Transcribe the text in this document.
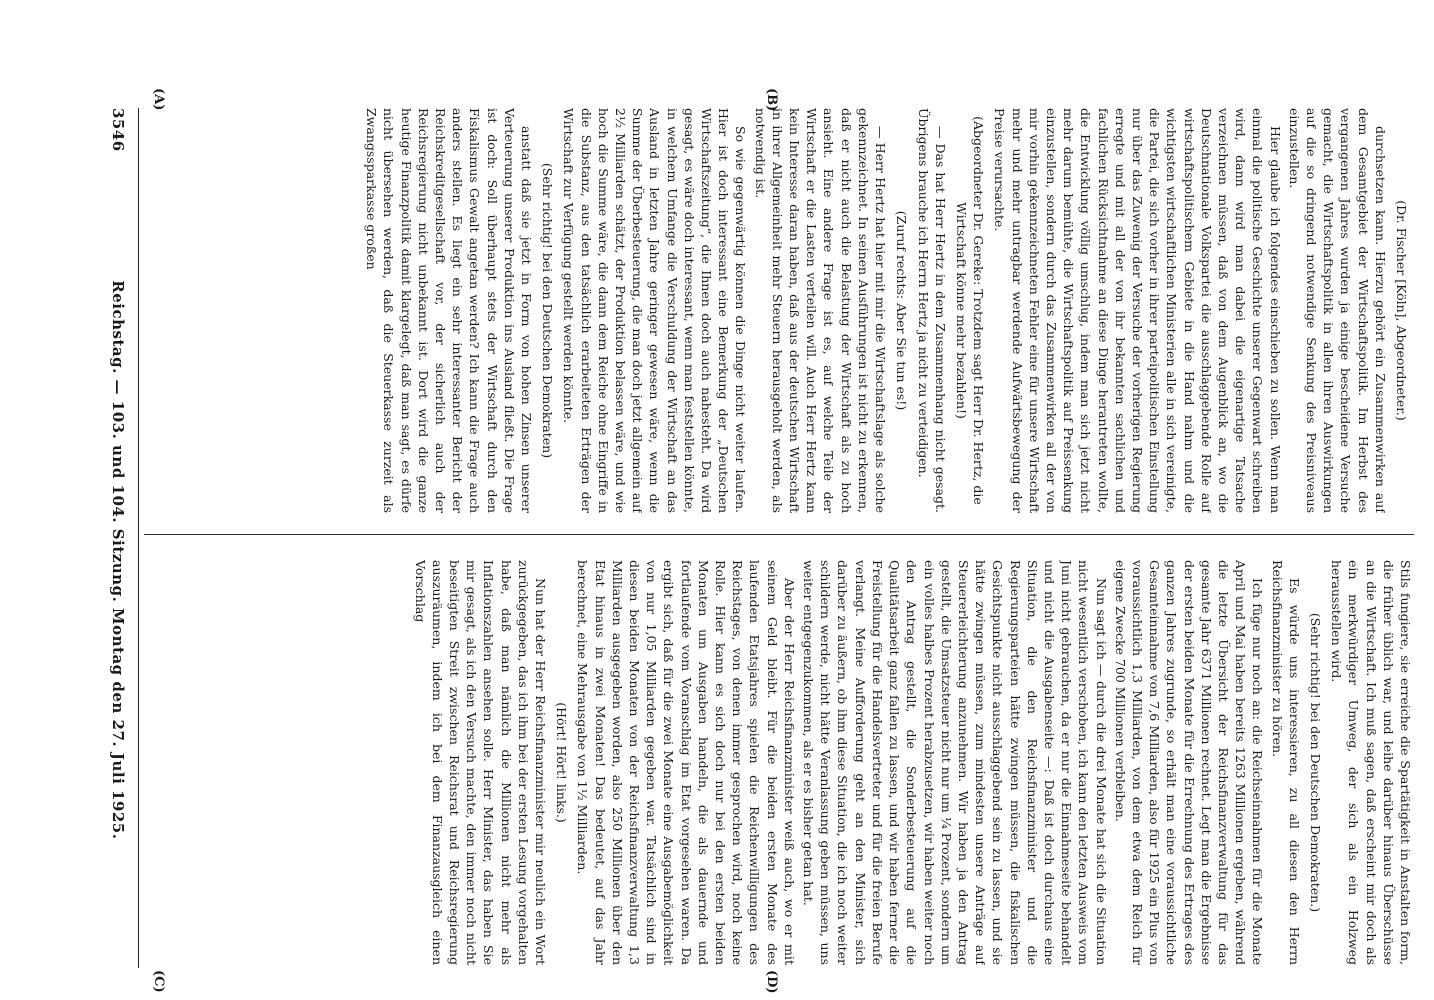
3546
Reichstag. — 103. und 104. Sitzung. Montag den 27. Juli 1925.
(A)	(B)
(C)	(D)

(Dr. Fischer [Köln], Abgeordneter.)

durchsetzen kann. Hierzu gehört ein Zusammenwirken auf dem Gesamtgebiet der Wirtschaftspolitik. Im Herbst des vergangenen Jahres wurden ja einige bescheidene Versuche gemacht, die Wirtschaftspolitik in allen ihren Auswirkungen auf die so dringend notwendige Senkung des Preisniveaus einzustellen.

Hier glaube ich folgendes einschieben zu sollen. Wenn man einmal die politische Geschichte unserer Gegenwart schreiben wird, dann wird man dabei die eigenartige Tatsache verzeichnen müssen, daß von dem Augenblick an, wo die Deutschnationale Volkspartei die ausschlaggebende Rolle auf wirtschaftspolitischem Gebiete in die Hand nahm und die wichtigsten wirtschaftlichen Ministerien alle in sich vereinigte, die Partei, die sich vorher in ihrer parteipolitischen Einstellung nur über das Zuwenig der Versuche der vorherigen Regierung erregte und mit all der von ihr bekannten sachlichen und fachlichen Rücksichtnahme an diese Dinge herantreten wollte, die Entwicklung völlig umschlug, indem man sich jetzt nicht mehr darum bemühte, die Wirtschaftspolitik auf Preissenkung einzustellen, sondern durch das Zusammenwirken all der von mir vorhin gekennzeichneten Fehler eine für unsere Wirtschaft mehr und mehr untragbar werdende Aufwärtsbewegung der Preise verursachte.

(Abgeordneter Dr. Gereke: Trotzdem sagt Herr Dr. Hertz, die Wirtschaft könne mehr bezahlen!)

— Das hat Herr Hertz in dem Zusammenhang nicht gesagt. Übrigens brauche ich Herrn Hertz ja nicht zu verteidigen.

(Zuruf rechts: Aber Sie tun es!)

— Herr Hertz hat hier mit mir die Wirtschaftslage als solche gekennzeichnet. In seinen Ausführungen ist nicht zu erkennen, daß er nicht auch die Belastung der Wirtschaft als zu hoch ansieht. Eine andere Frage ist es, auf welche Teile der Wirtschaft er die Lasten verteilen will. Auch Herr Hertz kann kein Interesse daran haben, daß aus der deutschen Wirtschaft in ihrer Allgemeinheit mehr Steuern herausgeholt werden, als notwendig ist.

So wie gegenwärtig können die Dinge nicht weiter laufen. Hier ist doch interessant eine Bemerkung der „Deutschen Wirtschaftszeitung“, die Ihnen doch auch nahesteht. Da wird gesagt, es wäre doch interessant, wenn man feststellen könnte, in welchem Umfange die Verschuldung der Wirtschaft an das Ausland in letzten Jahre geringer gewesen wäre, wenn die Summe der Überbesteuerung, die man doch jetzt allgemein auf 2½ Milliarden schätzt, der Produktion belassen wäre, und wie hoch die Summe wäre, die dann dem Reiche ohne Eingriffe in die Substanz, aus den tatsächlich erarbeiteten Erträgen der Wirtschaft zur Verfügung gestellt werden könnte.

(Sehr richtig! bei den Deutschen Demokraten)

anstatt daß sie jetzt in Form von hohen Zinsen unserer Verteuerung unserer Produktion ins Ausland fließt. Die Frage ist doch: Soll überhaupt stets der Wirtschaft durch den Fiskalismus Gewalt angetan werden? Ich kann die Frage auch anders stellen. Es liegt ein sehr interessanter Bericht der Reichskreditgesellschaft vor, der sicherlich auch der Reichsregierung nicht unbekannt ist. Dort wird die ganze heutige Finanzpolitik damit klargelegt, daß man sagt, es dürfe nicht übersehen werden, daß die Steuerkasse zurzeit als Zwangssparkasse großen

Stils fungiere, sie erreiche die Spartätigkeit in Anstalten form, die früher üblich war, und leihe darüber hinaus Überschüsse an die Wirtschaft. Ich muß sagen, daß erscheint mir doch als ein merkwürdiger Umweg, der sich als ein Holzweg herausstellen wird.

(Sehr richtig! bei den Deutschen Demokraten.)

Es würde uns interessieren, zu all diesen den Herrn Reichsfinanzminister zu hören.

Ich füge nur noch an: die Reichseinnahmen für die Monate April und Mai haben bereits 1263 Millionen ergeben, während die letzte Übersicht der Reichsfinanzverwaltung für das gesamte Jahr 6371 Millionen rechnet. Legt man die Ergebnisse der ersten beiden Monate für die Errechnung des Ertrages des ganzen Jahres zugrunde, so erhält man eine voraussichtliche Gesamteinnahme von 7,6 Milliarden, also für 1925 ein Plus von voraussichtlich 1,3 Milliarden, von dem etwa dem Reich für eigene Zwecke 700 Millionen verbleiben.

Nun sagt ich — durch die drei Monate hat sich die Situation nicht wesentlich verschoben, ich kann den letzten Ausweis vom Juni nicht gebrauchen, da er nur die Einnahmeseite behandelt und nicht die Ausgabenseite —: Daß ist doch durchaus eine Situation, die den Reichsfinanzminister und die Regierungsparteien hätte zwingen müssen, die fiskalischen Gesichtspunkte nicht ausschlaggebend sein zu lassen, und sie hätte zwingen müssen, zum mindesten unsere Anträge auf Steuererleichterung anzunehmen. Wir haben ja den Antrag gestellt, die Umsatzsteuer nicht nur um ¼ Prozent, sondern um ein volles halbes Prozent herabzusetzen, wir haben weiter noch den Antrag gestellt, die Sonderbesteuerung auf die Qualitätsarbeit ganz fallen zu lassen, und wir haben ferner die Freistellung für die Handelsvertreter und für die freien Berufe verlangt. Meine Aufforderung geht an den Minister, sich darüber zu äußern, ob ihm diese Situation, die ich noch weiter schildern werde, nicht hätte Veranlassung geben müssen, uns weiter entgegenzukommen, als er es bisher getan hat.

Aber der Herr Reichsfinanzminister weiß auch, wo er mit seinem Geld bleibt. Für die beiden ersten Monate des laufenden Etatsjahres spielen die Reichenwilligungen des Reichstages, von denen immer gesprochen wird, noch keine Rolle. Hier kann es sich doch nur bei den ersten beiden Monaten um Ausgaben handeln, die als dauernde und fortlaufende vom Voranschlag im Etat vorgesehen waren. Da ergibt sich, daß für die zwei Monate eine Ausgabemöglichkeit von nur 1,05 Milliarden gegeben war. Tatsächlich sind in diesen beiden Monaten von der Reichsfinanzverwaltung 1,3 Milliarden ausgegeben worden, also 250 Millionen über den Etat hinaus in zwei Monaten! Das bedeutet, auf das Jahr berechnet, eine Mehrausgabe von 1½ Milliarden.

(Hört! Hört! links.)

Nun hat der Herr Reichsfinanzminister mir neulich ein Wort zurückgegeben, das ich ihm bei der ersten Lesung vorgehalten habe, daß man nämlich die Millionen nicht mehr als Inflationszahlen ansehen solle. Herr Minister, das haben Sie mir gesagt, als ich den Versuch machte, den immer noch nicht beseitigten Streit zwischen Reichsrat und Reichsregierung auszuräumen, indem ich bei dem Finanzausgleich einen Vorschlag
